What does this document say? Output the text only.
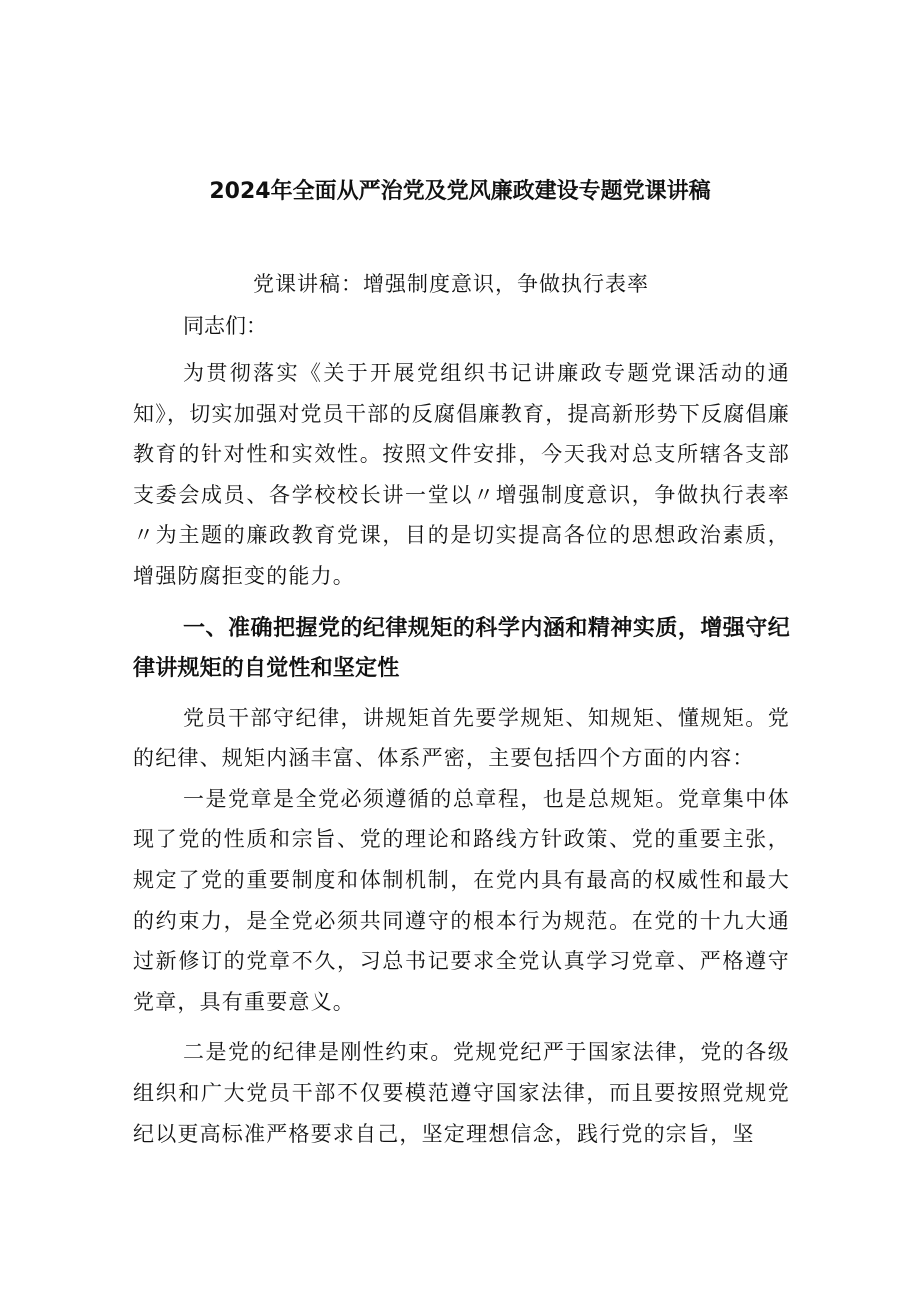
2024年全面从严治党及党风廉政建设专题党课讲稿

党课讲稿：增强制度意识，争做执行表率

同志们：

为贯彻落实《关于开展党组织书记讲廉政专题党课活动的通知》，切实加强对党员干部的反腐倡廉教育，提高新形势下反腐倡廉教育的针对性和实效性。按照文件安排，今天我对总支所辖各支部支委会成员、各学校校长讲一堂以〃增强制度意识，争做执行表率〃为主题的廉政教育党课，目的是切实提高各位的思想政治素质，增强防腐拒变的能力。

一、准确把握党的纪律规矩的科学内涵和精神实质，增强守纪律讲规矩的自觉性和坚定性

党员干部守纪律，讲规矩首先要学规矩、知规矩、懂规矩。党的纪律、规矩内涵丰富、体系严密，主要包括四个方面的内容：

一是党章是全党必须遵循的总章程，也是总规矩。党章集中体现了党的性质和宗旨、党的理论和路线方针政策、党的重要主张，规定了党的重要制度和体制机制，在党内具有最高的权威性和最大的约束力，是全党必须共同遵守的根本行为规范。在党的十九大通过新修订的党章不久，习总书记要求全党认真学习党章、严格遵守党章，具有重要意义。

二是党的纪律是刚性约束。党规党纪严于国家法律，党的各级组织和广大党员干部不仅要模范遵守国家法律，而且要按照党规党纪以更高标准严格要求自己，坚定理想信念，践行党的宗旨，坚
